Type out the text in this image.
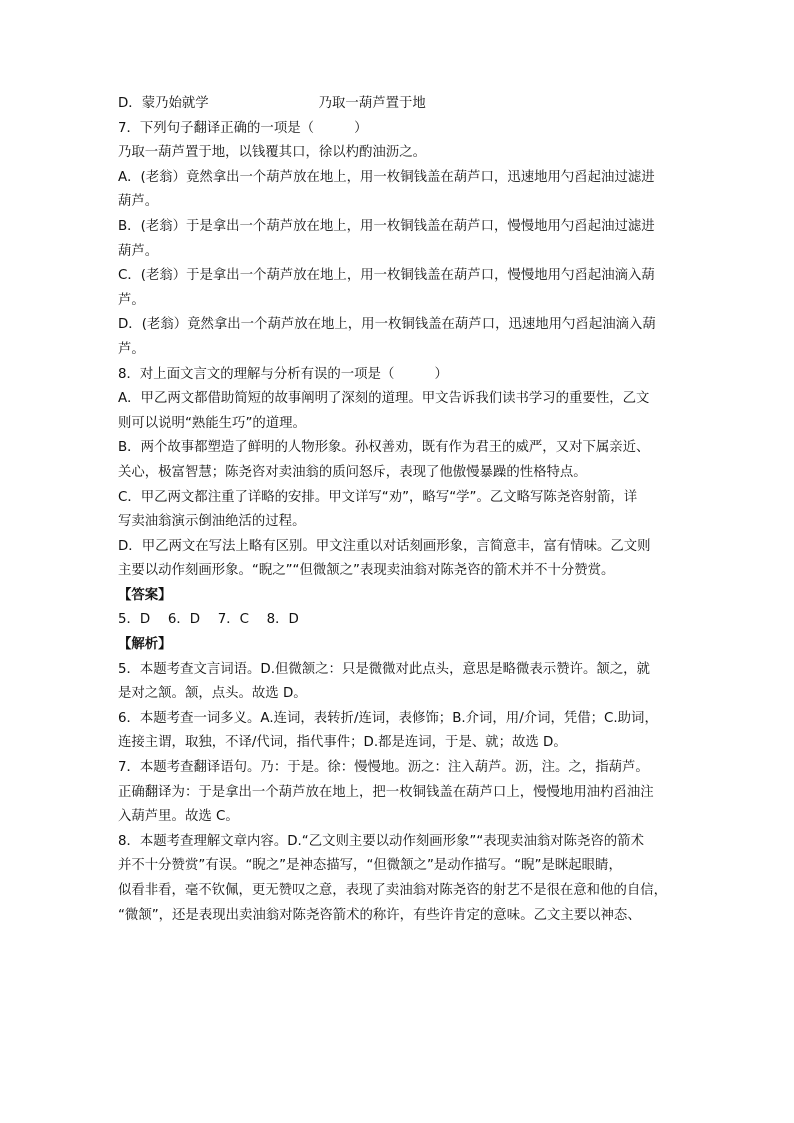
D．蒙乃始就学	乃取一葫芦置于地
7．下列句子翻译正确的一项是（　　　）
乃取一葫芦置于地，以钱覆其口，徐以杓酌油沥之。
A．(老翁）竟然拿出一个葫芦放在地上，用一枚铜钱盖在葫芦口，迅速地用勺舀起油过滤进
葫芦。
B．(老翁）于是拿出一个葫芦放在地上，用一枚铜钱盖在葫芦口，慢慢地用勺舀起油过滤进
葫芦。
C．(老翁）于是拿出一个葫芦放在地上，用一枚铜钱盖在葫芦口，慢慢地用勺舀起油滴入葫
芦。
D．(老翁）竟然拿出一个葫芦放在地上，用一枚铜钱盖在葫芦口，迅速地用勺舀起油滴入葫
芦。
8．对上面文言文的理解与分析有误的一项是（　　　）
A．甲乙两文都借助简短的故事阐明了深刻的道理。甲文告诉我们读书学习的重要性，乙文
则可以说明“熟能生巧”的道理。
B．两个故事都塑造了鲜明的人物形象。孙权善劝，既有作为君王的威严，又对下属亲近、
关心，极富智慧；陈尧咨对卖油翁的质问怒斥，表现了他傲慢暴躁的性格特点。
C．甲乙两文都注重了详略的安排。甲文详写“劝”，略写“学”。乙文略写陈尧咨射箭，详
写卖油翁演示倒油绝活的过程。
D．甲乙两文在写法上略有区别。甲文注重以对话刻画形象，言简意丰，富有情味。乙文则
主要以动作刻画形象。“睨之”“但微颔之”表现卖油翁对陈尧咨的箭术并不十分赞赏。
【答案】
5．D　 6．D　 7．C　 8．D
【解析】
5．本题考查文言词语。D.但微颔之：只是微微对此点头，意思是略微表示赞许。颔之，就
是对之颔。颔，点头。故选 D。
6．本题考查一词多义。A.连词，表转折/连词，表修饰；B.介词，用/介词，凭借；C.助词，
连接主谓，取独，不译/代词，指代事件；D.都是连词，于是、就；故选 D。
7．本题考查翻译语句。乃：于是。徐：慢慢地。沥之：注入葫芦。沥，注。之，指葫芦。
正确翻译为：于是拿出一个葫芦放在地上，把一枚铜钱盖在葫芦口上，慢慢地用油杓舀油注
入葫芦里。故选 C。
8．本题考查理解文章内容。D.“乙文则主要以动作刻画形象”“表现卖油翁对陈尧咨的箭术
并不十分赞赏”有误。“睨之”是神态描写，“但微颔之”是动作描写。“睨”是眯起眼睛，
似看非看，毫不钦佩，更无赞叹之意，表现了卖油翁对陈尧咨的射艺不是很在意和他的自信，
“微颔”，还是表现出卖油翁对陈尧咨箭术的称许，有些许肯定的意味。乙文主要以神态、
